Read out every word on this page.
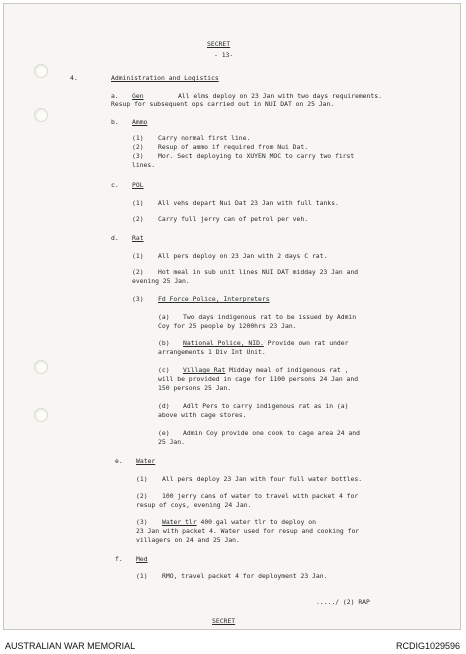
SECRET
- 13-
4.	Administration and Logistics
a. Gen	All elms deploy on 23 Jan with two days requirements.
Resup for subsequent ops carried out in NUI DAT on 25 Jan.
b. Ammo
(1) Carry normal first line.
(2) Resup of ammo if required from Nui Dat.
(3) Mor. Sect deploying to XUYEN MOC to carry two first
lines.
c. POL
(1) All vehs depart Nui Dat 23 Jan with full tanks.
(2) Carry full jerry can of petrol per veh.
d. Rat
(1) All pers deploy on 23 Jan with 2 days C rat.
(2) Hot meal in sub unit lines NUI DAT midday 23 Jan and
evening 25 Jan.
(3) Fd Force Police, Interpreters
(a) Two days indigenous rat to be issued by Admin
Coy for 25 people by 1200hrs 23 Jan.
(b) National Police, NID. Provide own rat under
arrangements 1 Div Int Unit.
(c) Village Rat Midday meal of indigenous rat ,
will be provided in cage for 1100 persons 24 Jan and
150 persons 25 Jan.
(d) Adlt Pers to carry indigenous rat as in (a)
above with cage stores.
(e) Admin Coy provide one cook to cage area 24 and
25 Jan.
e. Water
(1) All pers deploy 23 Jan with four full water bottles.
(2) 100 jerry cans of water to travel with packet 4 for
resup of coys, evening 24 Jan.
(3) Water tlr 400 gal water tlr to deploy on
23 Jan with packet 4. Water used for resup and cooking for
villagers on 24 and 25 Jan.
f. Med
(1) RMO, travel packet 4 for deployment 23 Jan.
...../ (2) RAP
SECRET
AUSTRALIAN WAR MEMORIAL	RCDIG1029596
